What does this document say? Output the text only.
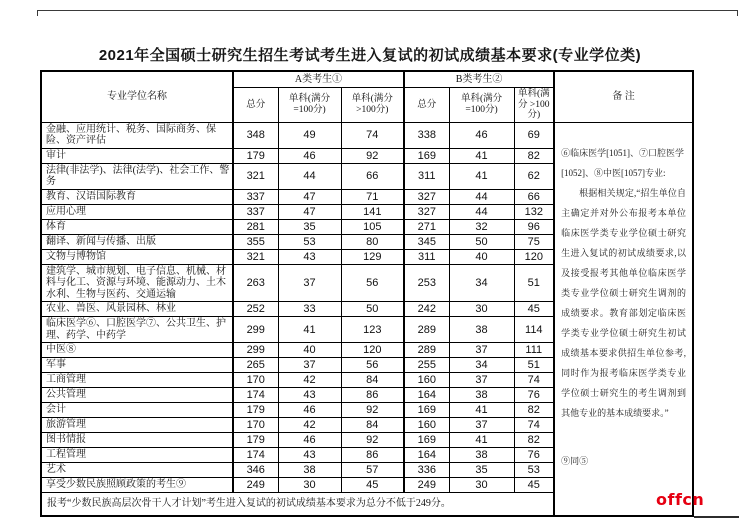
2021年全国硕士研究生招生考试考生进入复试的初试成绩基本要求(专业学位类)
专业学位名称	A类考生①			B类考生②			备 注
	总分	单科(满分 =100分)	单科(满分 >100分)	总分	单科(满分 =100分)	单科(满分 >100分)	
金融、应用统计、税务、国际商务、保险、资产评估	348	49	74	338	46	69	⑥临床医学[1051]、⑦口腔医学[1052]、⑧中医[1057]专业:
根据相关规定,“招生单位自主确定并对外公布报考本单位临床医学类专业学位硕士研究生进入复试的初试成绩要求,以及接受报考其他单位临床医学类专业学位硕士研究生调剂的成绩要求。教育部划定临床医学类专业学位硕士研究生初试成绩基本要求供招生单位参考,同时作为报考临床医学类专业学位硕士研究生的考生调剂到其他专业的基本成绩要求。”
⑨同⑤

审计	179	46	92	169	41	82	
法律(非法学)、法律(法学)、社会工作、警务	321	44	66	311	41	62	
教育、汉语国际教育	337	47	71	327	44	66	
应用心理	337	47	141	327	44	132	
体育	281	35	105	271	32	96	
翻译、新闻与传播、出版	355	53	80	345	50	75	
文物与博物馆	321	43	129	311	40	120	
建筑学、城市规划、电子信息、机械、材料与化工、资源与环境、能源动力、土木水利、生物与医药、交通运输	263	37	56	253	34	51	
农业、兽医、风景园林、林业	252	33	50	242	30	45	
临床医学⑥、口腔医学⑦、公共卫生、护理、药学、中药学	299	41	123	289	38	114	
中医⑧	299	40	120	289	37	111	
军事	265	37	56	255	34	51	
工商管理	170	42	84	160	37	74	
公共管理	174	43	86	164	38	76	
会计	179	46	92	169	41	82	
旅游管理	170	42	84	160	37	74	
图书情报	179	46	92	169	41	82	
工程管理	174	43	86	164	38	76	
艺术	346	38	57	336	35	53	
享受少数民族照顾政策的考生⑨	249	30	45	249	30	45	
报考“少数民族高层次骨干人才计划”考生进入复试的初试成绩基本要求为总分不低于249分。								offcn
